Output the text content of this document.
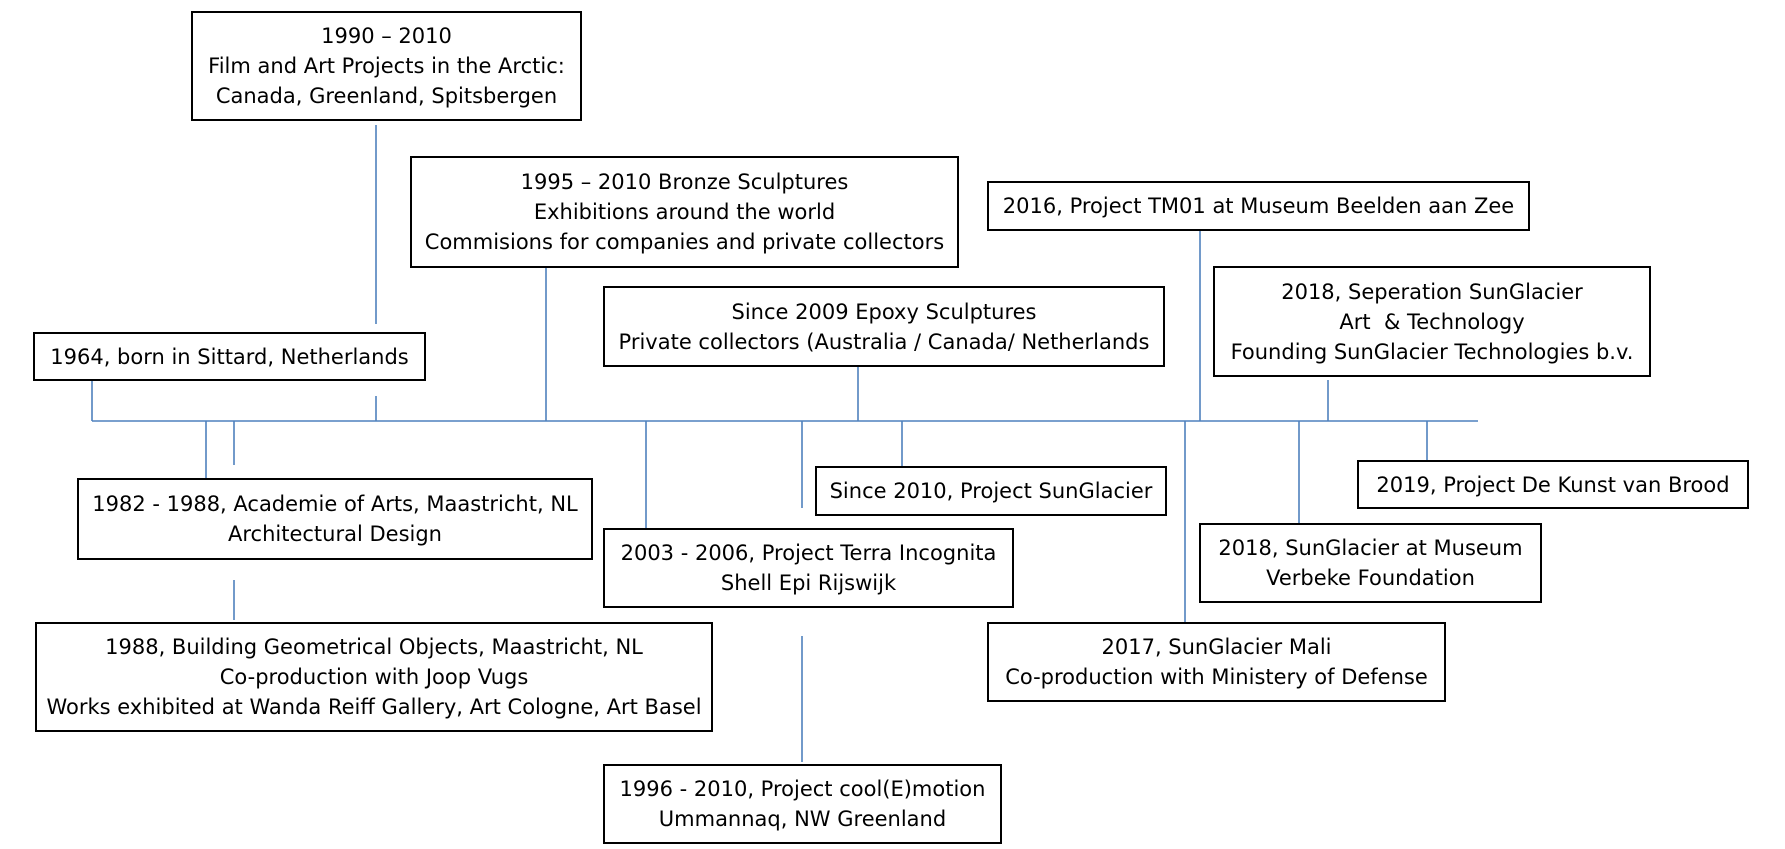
1990 – 2010
Film and Art Projects in the Arctic:
Canada, Greenland, Spitsbergen
1995 – 2010 Bronze Sculptures
Exhibitions around the world
Commisions for companies and private collectors
2016, Project TM01 at Museum Beelden aan Zee
Since 2009 Epoxy Sculptures
Private collectors (Australia / Canada/ Netherlands
2018, Seperation SunGlacier
Art  & Technology
Founding SunGlacier Technologies b.v.
1964, born in Sittard, Netherlands
1982 - 1988, Academie of Arts, Maastricht, NL
Architectural Design
Since 2010, Project SunGlacier	2019, Project De Kunst van Brood
2003 - 2006, Project Terra Incognita
Shell Epi Rijswijk
2018, SunGlacier at Museum
Verbeke Foundation
1988, Building Geometrical Objects, Maastricht, NL
Co-production with Joop Vugs
Works exhibited at Wanda Reiff Gallery, Art Cologne, Art Basel
2017, SunGlacier Mali
Co-production with Ministery of Defense
1996 - 2010, Project cool(E)motion
Ummannaq, NW Greenland
